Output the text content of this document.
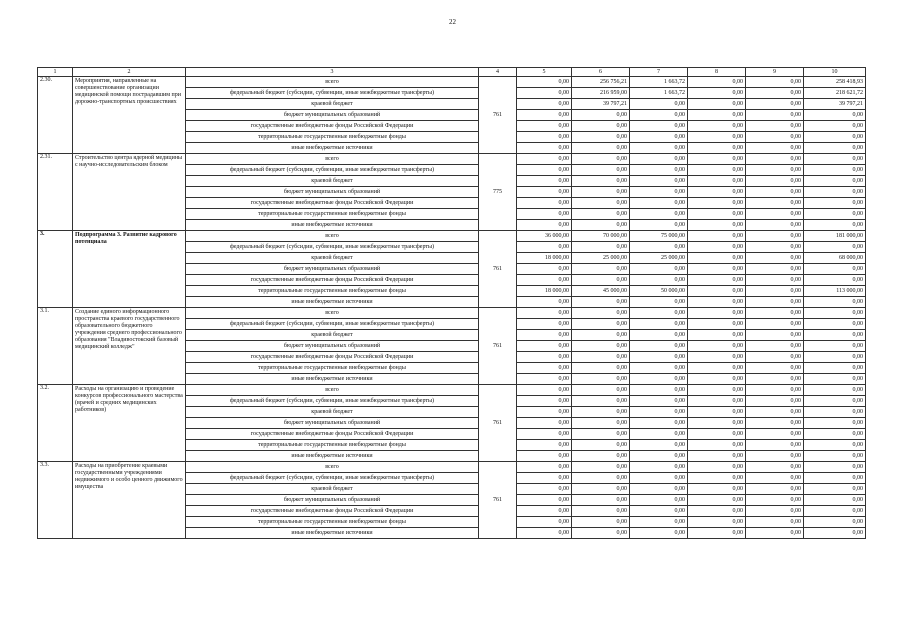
22
1	2	3	4	5	6	7	8	9	10
2.30.	Мероприятия, направленные на совершенствование организации медицинской помощи пострадавшим при дорожно-транспортных происшествиях	всего	761	0,00	256 756,21	1 663,72	0,00	0,00	258 418,93
		федеральный бюджет (субсидии, субвенции, иные межбюджетные трансферты)		0,00	216 959,00	1 663,72	0,00	0,00	218 621,72
		краевой бюджет		0,00	39 797,21	0,00	0,00	0,00	39 797,21
		бюджет муниципальных образований		0,00	0,00	0,00	0,00	0,00	0,00
		государственные внебюджетные фонды Российской Федерации		0,00	0,00	0,00	0,00	0,00	0,00
		территориальные государственные внебюджетные фонды		0,00	0,00	0,00	0,00	0,00	0,00
		иные внебюджетные источники		0,00	0,00	0,00	0,00	0,00	0,00
2.31.	Строительство центра ядерной медицины с научно-исследовательским блоком	всего	775	0,00	0,00	0,00	0,00	0,00	0,00
		федеральный бюджет (субсидии, субвенции, иные межбюджетные трансферты)		0,00	0,00	0,00	0,00	0,00	0,00
		краевой бюджет		0,00	0,00	0,00	0,00	0,00	0,00
		бюджет муниципальных образований		0,00	0,00	0,00	0,00	0,00	0,00
		государственные внебюджетные фонды Российской Федерации		0,00	0,00	0,00	0,00	0,00	0,00
		территориальные государственные внебюджетные фонды		0,00	0,00	0,00	0,00	0,00	0,00
		иные внебюджетные источники		0,00	0,00	0,00	0,00	0,00	0,00
3.	Подпрограмма 3. Развитие кадрового потенциала	всего	761	36 000,00	70 000,00	75 000,00	0,00	0,00	181 000,00
		федеральный бюджет (субсидии, субвенции, иные межбюджетные трансферты)		0,00	0,00	0,00	0,00	0,00	0,00
		краевой бюджет		18 000,00	25 000,00	25 000,00	0,00	0,00	68 000,00
		бюджет муниципальных образований		0,00	0,00	0,00	0,00	0,00	0,00
		государственные внебюджетные фонды Российской Федерации		0,00	0,00	0,00	0,00	0,00	0,00
		территориальные государственные внебюджетные фонды		18 000,00	45 000,00	50 000,00	0,00	0,00	113 000,00
		иные внебюджетные источники		0,00	0,00	0,00	0,00	0,00	0,00
3.1.	Создание единого информационного пространства краевого государственного образовательного бюджетного учреждения среднего профессионального образования "Владивостокский базовый медицинский колледж"	всего	761	0,00	0,00	0,00	0,00	0,00	0,00
		федеральный бюджет (субсидии, субвенции, иные межбюджетные трансферты)		0,00	0,00	0,00	0,00	0,00	0,00
		краевой бюджет		0,00	0,00	0,00	0,00	0,00	0,00
		бюджет муниципальных образований		0,00	0,00	0,00	0,00	0,00	0,00
		государственные внебюджетные фонды Российской Федерации		0,00	0,00	0,00	0,00	0,00	0,00
		территориальные государственные внебюджетные фонды		0,00	0,00	0,00	0,00	0,00	0,00
		иные внебюджетные источники		0,00	0,00	0,00	0,00	0,00	0,00
3.2.	Расходы на организацию и проведение конкурсов профессионального мастерства (врачей и средних медицинских работников)	всего	761	0,00	0,00	0,00	0,00	0,00	0,00
		федеральный бюджет (субсидии, субвенции, иные межбюджетные трансферты)		0,00	0,00	0,00	0,00	0,00	0,00
		краевой бюджет		0,00	0,00	0,00	0,00	0,00	0,00
		бюджет муниципальных образований		0,00	0,00	0,00	0,00	0,00	0,00
		государственные внебюджетные фонды Российской Федерации		0,00	0,00	0,00	0,00	0,00	0,00
		территориальные государственные внебюджетные фонды		0,00	0,00	0,00	0,00	0,00	0,00
		иные внебюджетные источники		0,00	0,00	0,00	0,00	0,00	0,00
3.3.	Расходы на приобретение краевыми государственными учреждениями недвижимого и особо ценного движимого имущества	всего	761	0,00	0,00	0,00	0,00	0,00	0,00
		федеральный бюджет (субсидии, субвенции, иные межбюджетные трансферты)		0,00	0,00	0,00	0,00	0,00	0,00
		краевой бюджет		0,00	0,00	0,00	0,00	0,00	0,00
		бюджет муниципальных образований		0,00	0,00	0,00	0,00	0,00	0,00
		государственные внебюджетные фонды Российской Федерации		0,00	0,00	0,00	0,00	0,00	0,00
		территориальные государственные внебюджетные фонды		0,00	0,00	0,00	0,00	0,00	0,00
		иные внебюджетные источники		0,00	0,00	0,00	0,00	0,00	0,00
